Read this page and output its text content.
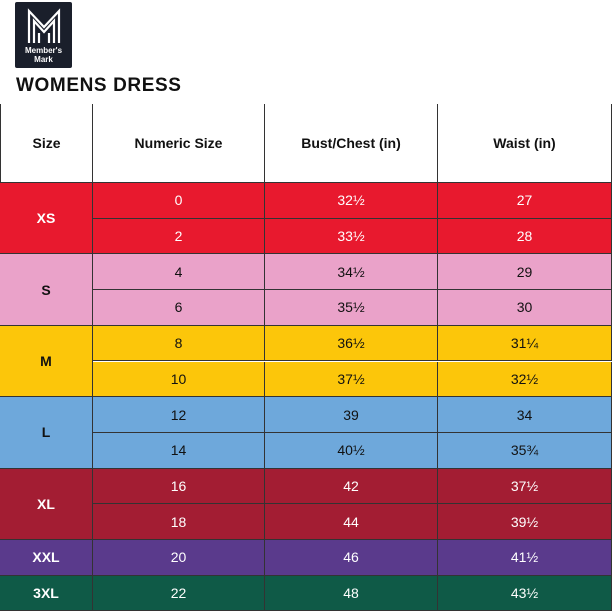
Member's
Mark
WOMENS DRESS
Size	Numeric Size	Bust/Chest (in)	Waist (in)
XS
0	32½	27
2	33½	28
S
4	34½	29
6	35½	30
M
8	36½	31¼
10	37½	32½
L
12	39	34
14	40½	35¾
XL
16	42	37½
18	44	39½
XXL	20	46	41½
3XL	22	48	43½
